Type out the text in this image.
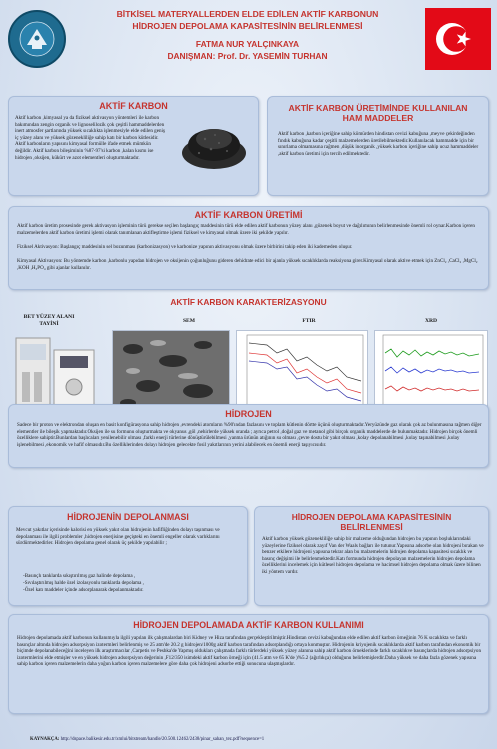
BİTKİSEL MATERYALLERDEN ELDE EDİLEN AKTİF KARBONUN
HİDROJEN DEPOLAMA KAPASİTESİNİN BELİRLENMESİ
FATMA NUR YALÇINKAYA
DANIŞMAN: Prof. Dr. YASEMİN TURHAN
AKTİF KARBON
Aktif karbon ,kimyasal ya da fiziksel aktivasyon yöntemleri ile karbon bakımından zengin organik ve lignoselilozik çok çeşitli hammaddelerden inert atmosfer şartlarında yüksek sıcaklıkta işlenmesiyle elde edilen geniş iç yüzey alanı ve yüksek gözenekliliğe sahip katı bir karbon kütlesidir. Aktif karbonların yapısını kimyasal formülle ifade etmek mümkün değildir. Aktif karbon bileşiminin %87-97'si karbon ,kalan kısmı ise hidrojen ,oksijen, kükürt ve azot elementleri oluşturmaktadır.
AKTİF KARBON ÜRETİMİNDE KULLANILAN HAM MADDELER
Aktif karbon ,karbon içeriğine sahip kömürden hindistan cevizi kabuğuna ,meyve çekirdeğinden fındık kabuğuna kadar çeşitli malzemelerden üretilebilmektedir.Kullanılacak hammadde için bir sınırlama olmamasına rağmen ,düşük inorganik ,yüksek karbon içeriğine sahip ucuz hammaddeler ,aktif karbon üretimi için tercih edilmektedir.
AKTİF KARBON ÜRETİMİ
Aktif karbon üretim prosesinde gerek aktivasyon işleminin türü gerekse seçilen başlangıç maddesinin türü elde edilen aktif karbonun yüzey alanı ,gözenek boyut ve dağılımının belirlenmesinde önemli rol oynar.Karbon içeren malzemelerden aktif karbon üretimi işlemi olarak tanımlanan aktifleştirme işlemi fiziksel ve kimyasal olmak üzere iki şekilde yapılır.
Fiziksel Aktivasyon: Başlangıç maddesinin sel bozunması (karbonizasyon) ve karbonize yapının aktivasyonu olmak üzere birbirini takip eden iki kademeden oluşur.
Kimyasal Aktivasyon: Bu yöntemde karbon ,karbonlu yapıdan hidrojen ve oksijenin çoğunluğunu gideren dehidrate edici bir ajanla yüksek sıcaklıklarda reaksiyona girer.Kimyasal olarak aktive etmek için ZnCl₂ ,CaCl₂ ,MgCl₂ ,KOH ,H₃PO₄ gibi ajanlar kullanılır.
AKTİF KARBON KARAKTERİZASYONU
BET YÜZEY ALANI TAYİNİ	SEM	FTIR	XRD
HİDROJEN
Sadece bir proton ve elektrondan oluşan en basit konfigürasyona sahip hidrojen ,evrendeki atomların %90'ından fazlasını ve toplam kütlenin dörtte üçünü oluşturmaktadır.Yeryüzünde gaz olarak çok az bulunmasına rağmen diğer elementler ile bileşik yapmaktadır.Oksijen ile su formunu oluşturmakta ve okyanus ,göl ,nehirlerde yüksek oranda ; ayrıca petrol ,doğal gaz ve metanol gibi birçok organik maddelerde de bulunmaktadır. Hidrojen birçok önemli özelliklere sahiptir.Bunlardan başlıcaları yenilenebilir olması ,farklı enerji türlerine dönüştürülebilmesi ,yanma ürünün atığının su olması ,çevre dostu bir yakıt olması ,kolay depolanabilmesi ,kolay taşınabilmesi ,kolay işlenebilmesi ,ekonomik ve hafif olmasıdır.Bu özelliklerinden dolayı hidrojen gelecekte fosil yakıtlarının yerini alabilecek en önemli enerji taşıyıcısıdır.
HİDROJENİN DEPOLANMASI
Mevcut yakıtlar içerisinde kalorisi en yüksek yakıt olan hidrojenin hafifliğinden dolayı taşınması ve depolanması ile ilgili problemler ,hidrojen enerjisine geçişteki en önemli engeller olarak varlıklarını sürdürmektedirler. Hidrojen depolama genel olarak üç şekilde yapılabilir ;
-Basınçlı tanklarda sıkıştırılmış gaz halinde depolama ,
-Sıvılaştırılmış halde özel izolasyonlu tanklarda depolama ,
-Özel katı maddeler içinde adsorplanarak depolanmaktadır.
HİDROJEN DEPOLAMA KAPASİTESİNİN BELİRLENMESİ
Aktif karbon yüksek gözenekliliğe sahip bir malzeme olduğundan hidrojen bu yapının boşluklarındaki yüzeylerine fiziksel olarak zayıf Van der Waals bağları ile tutunur.Yapısına adsorbe olan hidrojeni bırakan ve benzer etkilere hidrojeni yapısına tekrar alan bu malzemelerin hidrojen depolama kapasitesi sıcaklık ve basınç değişimi ile belirlenmektedir.Katı formunda hidrojen depolayan malzemelerin hidrojen depolama özelliklerini incelemek için kütlesel hidrojen depolama ve hacimsel hidrojen depolama olmak üzere bilinen iki yöntem vardır.
HİDROJEN DEPOLAMADA AKTİF KARBON KULLANIMI
Hidrojen depolamada aktif karbonun kullanımıyla ilgili yapılan ilk çalışmalardan biri Kidney ve Hiza tarafından gerçekleştirilmiştir.Hindistan cevizi kabuğundan elde edilen aktif karbon örneğinin 76 K sıcaklıkta ve farklı basınçlar altında hidrojen adsorpsiyon izotermleri belirlenmiş ve 25 atm'de 20.2 g hidrojen/1000g aktif karbon tarafından adsorplandığı ortaya konmuştur. Hidrojenin kriyojenik sıcaklıklarda aktif karbon tarafından ekonomik bir biçimde depolanabileceğini inceleyen ilk araştırmacılar ,Carpetis ve Peshka'de Yapmış oldukları çalışmada farklı türlerdeki yüksek yüzey alanına sahip aktif karbon örneklerinde farklı sıcaklıkve basınçlarda hidrojen adsorpsiyon izotermlerini elde etmişler ve en yüksek hidrojen adsorpsiyon değerinin ,F12/350 isimdeki aktif karbon örneği için (41.5 atm ve 65 K'de )%5.2 (ağırlıkça) olduğunu belirlemişlerdir.Daha yüksek ve daha fazla gözenek yapısına sahip karbon içeren malzemelerin daha yoğun karbon içeren malzemelere göre daha çok hidrojeni adsorbe ettiği sonucuna ulaşmışlardır.
KAYNAKÇA: http://dspace.balikesir.edu.tr/xmlui/bitstream/handle/20.500.12462/2438/pinar_sahan_tez.pdf?sequence=1
